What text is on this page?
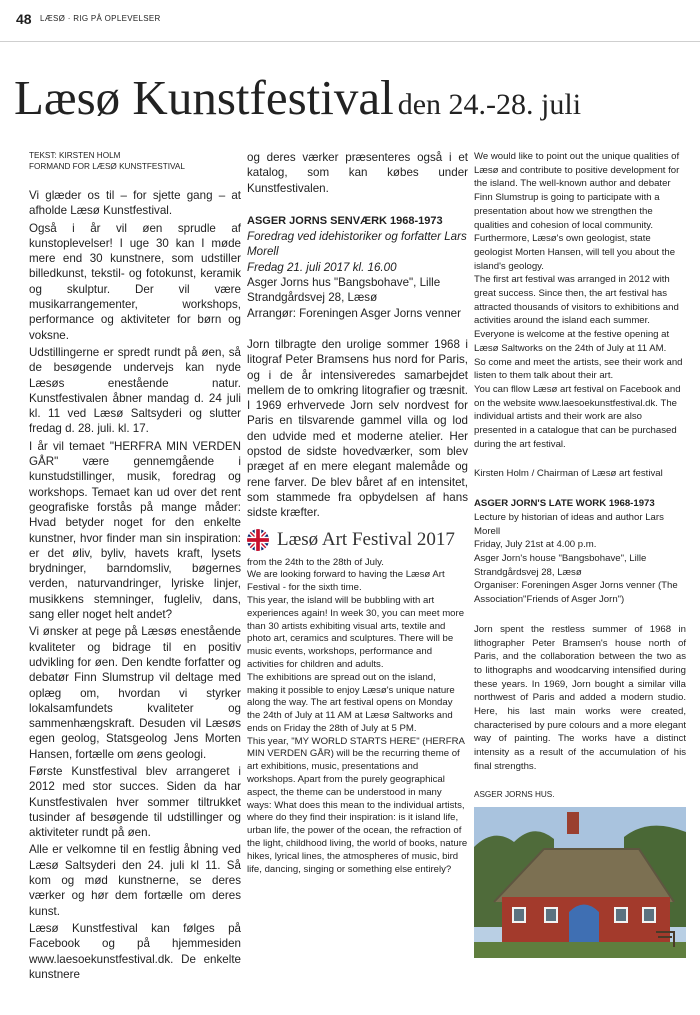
48 LÆSØ · RIG PÅ OPLEVELSER
Læsø Kunstfestival den 24.-28. juli
TEKST: KIRSTEN HOLM
FORMAND FOR LÆSØ KUNSTFESTIVAL

Vi glæder os til – for sjette gang – at afholde Læsø Kunstfestival.

Også i år vil øen sprudle af kunstoplevelser! I uge 30 kan I møde mere end 30 kunstnere, som udstiller billedkunst, tekstil- og fotokunst, keramik og skulptur. Der vil være musikarrangementer, workshops, performance og aktiviteter for børn og voksne.

Udstillingerne er spredt rundt på øen, så de besøgende undervejs kan nyde Læsøs enestående natur. Kunstfestivalen åbner mandag d. 24 juli kl. 11 ved Læsø Saltsyderi og slutter fredag d. 28. juli. kl. 17.

I år vil temaet "HERFRA MIN VERDEN GÅR" være gennemgående i kunstudstillinger, musik, foredrag og workshops. Temaet kan ud over det rent geografiske forstås på mange måder: Hvad betyder noget for den enkelte kunstner, hvor finder man sin inspiration: er det øliv, byliv, havets kraft, lysets brydninger, barndomsliv, bøgernes verden, naturvandringer, lyriske linjer, musikkens stemninger, fugleliv, dans, sang eller noget helt andet?

Vi ønsker at pege på Læsøs enestående kvaliteter og bidrage til en positiv udvikling for øen. Den kendte forfatter og debatør Finn Slumstrup vil deltage med oplæg om, hvordan vi styrker lokalsamfundets kvaliteter og sammenhængskraft. Desuden vil Læsøs egen geolog, Statsgeolog Jens Morten Hansen, fortælle om øens geologi.

Første Kunstfestival blev arrangeret i 2012 med stor succes. Siden da har Kunstfestivalen hver sommer tiltrukket tusinder af besøgende til udstillinger og aktiviteter rundt på øen.

Alle er velkomne til en festlig åbning ved Læsø Saltsyderi den 24. juli kl 11. Så kom og mød kunstnerne, se deres værker og hør dem fortælle om deres kunst.

Læsø Kunstfestival kan følges på Facebook og på hjemmesiden www.laesoekunstfestival.dk. De enkelte kunstnere

og deres værker præsenteres også i et katalog, som kan købes under Kunstfestivalen.

ASGER JORNS SENVÆRK 1968-1973

Foredrag ved idehistoriker og forfatter Lars Morell

Fredag 21. juli 2017 kl. 16.00

Asger Jorns hus "Bangsbohave", Lille Strandgårdsvej 28, Læsø

Arrangør: Foreningen Asger Jorns venner

Jorn tilbragte den urolige sommer 1968 i litograf Peter Bramsens hus nord for Paris, og i de år intensiveredes samarbejdet mellem de to omkring litografier og træsnit. I 1969 erhvervede Jorn selv nordvest for Paris en tilsvarende gammel villa og lod den udvide med et moderne atelier. Her opstod de sidste hovedværker, som blev præget af en mere elegant malemåde og rene farver. De blev båret af en intensitet, som stammede fra opbydelsen af hans sidste kræfter.

Læsø Art Festival 2017

from the 24th to the 28th of July.

We are looking forward to having the Læsø Art Festival - for the sixth time.

This year, the island will be bubbling with art experiences again! In week 30, you can meet more than 30 artists exhibiting visual arts, textile and photo art, ceramics and sculptures. There will be music events, workshops, performance and activities for children and adults.

The exhibitions are spread out on the island, making it possible to enjoy Læsø's unique nature along the way. The art festival opens on Monday the 24th of July at 11 AM at Læsø Saltworks and ends on Friday the 28th of July at 5 PM.

This year, "MY WORLD STARTS HERE" (HERFRA MIN VERDEN GÅR) will be the recurring theme of art exhibitions, music, presentations and workshops. Apart from the purely geographical aspect, the theme can be understood in many ways: What does this mean to the individual artists, where do they find their inspiration: is it island life, urban life, the power of the ocean, the refraction of the light, childhood living, the world of books, nature hikes, lyrical lines, the atmospheres of music, bird life, dancing, singing or something else entirely?

We would like to point out the unique qualities of Læsø and contribute to positive development for the island. The well-known author and debater Finn Slumstrup is going to participate with a presentation about how we strengthen the qualities and cohesion of local community. Furthermore, Læsø's own geologist, state geologist Morten Hansen, will tell you about the island's geology.

The first art festival was arranged in 2012 with great success. Since then, the art festival has attracted thousands of visitors to exhibitions and activities around the island each summer. Everyone is welcome at the festive opening at Læsø Saltworks on the 24th of July at 11 AM.

So come and meet the artists, see their work and listen to them talk about their art.

You can fllow Læsø art festival on Facebook and on the website www.laesoekunstfestival.dk. The individual artists and their work are also presented in a catalogue that can be purchased during the art festival.

Kirsten Holm / Chairman of Læsø art festival

ASGER JORN'S LATE WORK 1968-1973

Lecture by historian of ideas and author Lars Morell

Friday, July 21st at 4.00 p.m.

Asger Jorn's house "Bangsbohave", Lille Strandgårdsvej 28, Læsø

Organiser: Foreningen Asger Jorns venner (The Association"Friends of Asger Jorn")

Jorn spent the restless summer of 1968 in lithographer Peter Bramsen's house north of Paris, and the collaboration between the two as to lithographs and woodcarving intensified during these years. In 1969, Jorn bought a similar villa northwest of Paris and added a modern studio. Here, his last main works were created, characterised by pure colours and a more elegant way of painting. The works have a distinct intensity as a result of the accumulation of his final strengths.

ASGER JORNS HUS.
